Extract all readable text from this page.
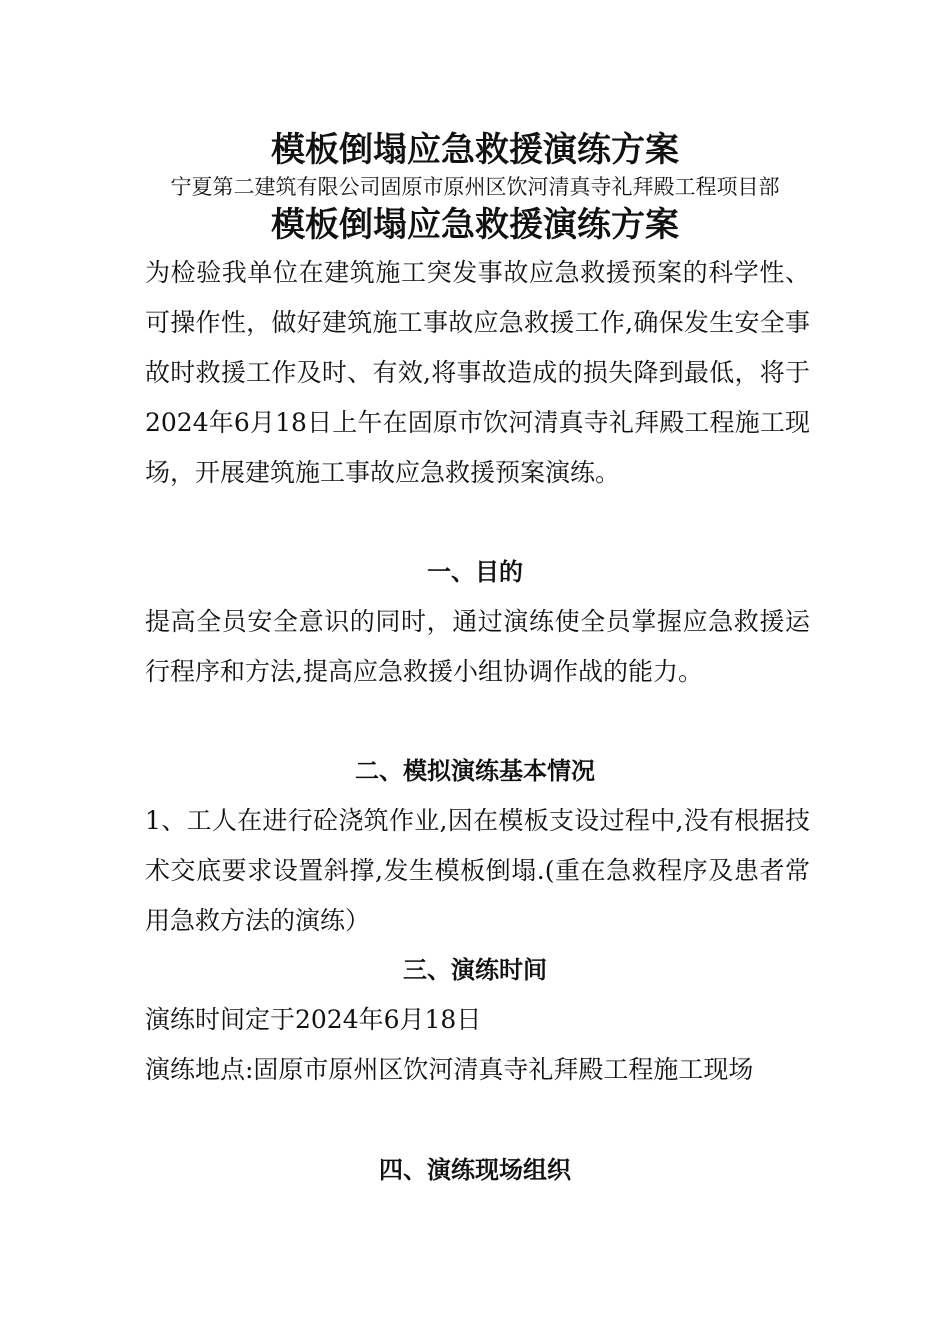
模板倒塌应急救援演练方案
宁夏第二建筑有限公司固原市原州区饮河清真寺礼拜殿工程项目部
模板倒塌应急救援演练方案
为检验我单位在建筑施工突发事故应急救援预案的科学性、可操作性，做好建筑施工事故应急救援工作,确保发生安全事故时救援工作及时、有效,将事故造成的损失降到最低，将于2024年6月18日上午在固原市饮河清真寺礼拜殿工程施工现场，开展建筑施工事故应急救援预案演练。
一、目的
提高全员安全意识的同时，通过演练使全员掌握应急救援运行程序和方法,提高应急救援小组协调作战的能力。
二、模拟演练基本情况
1、工人在进行砼浇筑作业,因在模板支设过程中,没有根据技术交底要求设置斜撑,发生模板倒塌.(重在急救程序及患者常用急救方法的演练）
三、演练时间
演练时间定于2024年6月18日
演练地点:固原市原州区饮河清真寺礼拜殿工程施工现场
四、演练现场组织
